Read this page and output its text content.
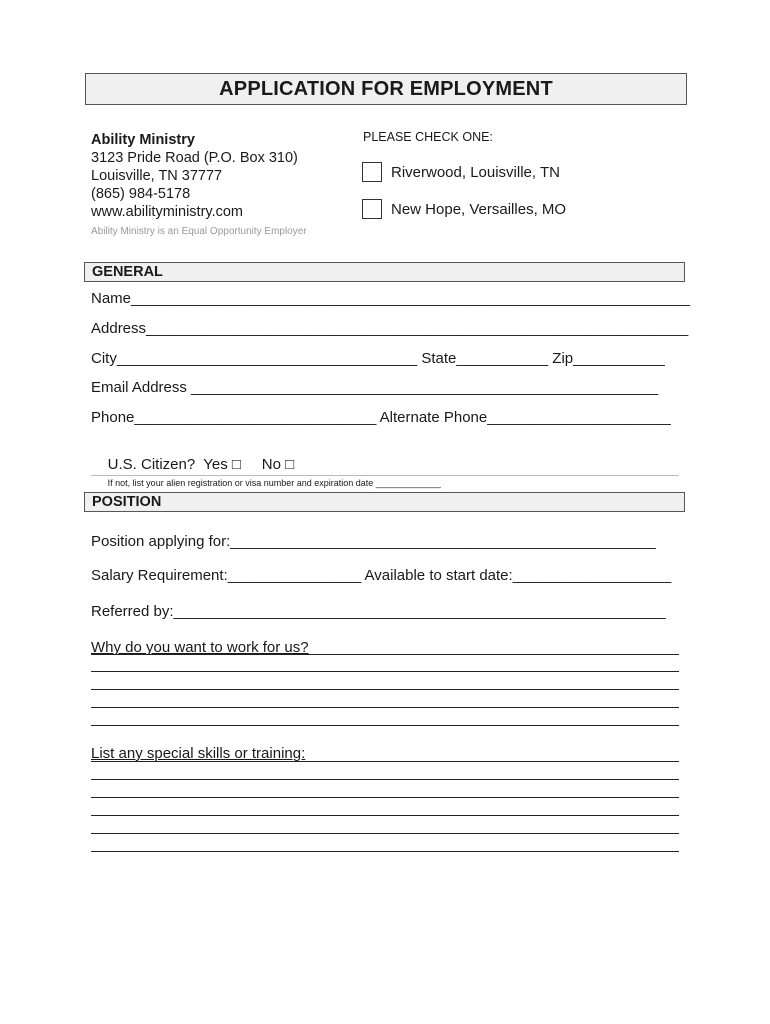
APPLICATION FOR EMPLOYMENT
Ability Ministry
3123 Pride Road (P.O. Box 310)
Louisville, TN 37777
(865) 984-5178
www.abilityministry.com
Ability Ministry is an Equal Opportunity Employer
PLEASE CHECK ONE:
Riverwood, Louisville, TN
New Hope, Versailles, MO
GENERAL
Name___________________________________________________________________
Address_________________________________________________________________
City____________________________________ State___________ Zip___________
Email Address ________________________________________________________
Phone_____________________________ Alternate Phone______________________

U.S. Citizen?  Yes □     No □
If not, list your alien registration or visa number and expiration date _____________

POSITION
Position applying for:___________________________________________________
Salary Requirement:________________ Available to start date:___________________
Referred by:___________________________________________________________
Why do you want to work for us?
List any special skills or training:
